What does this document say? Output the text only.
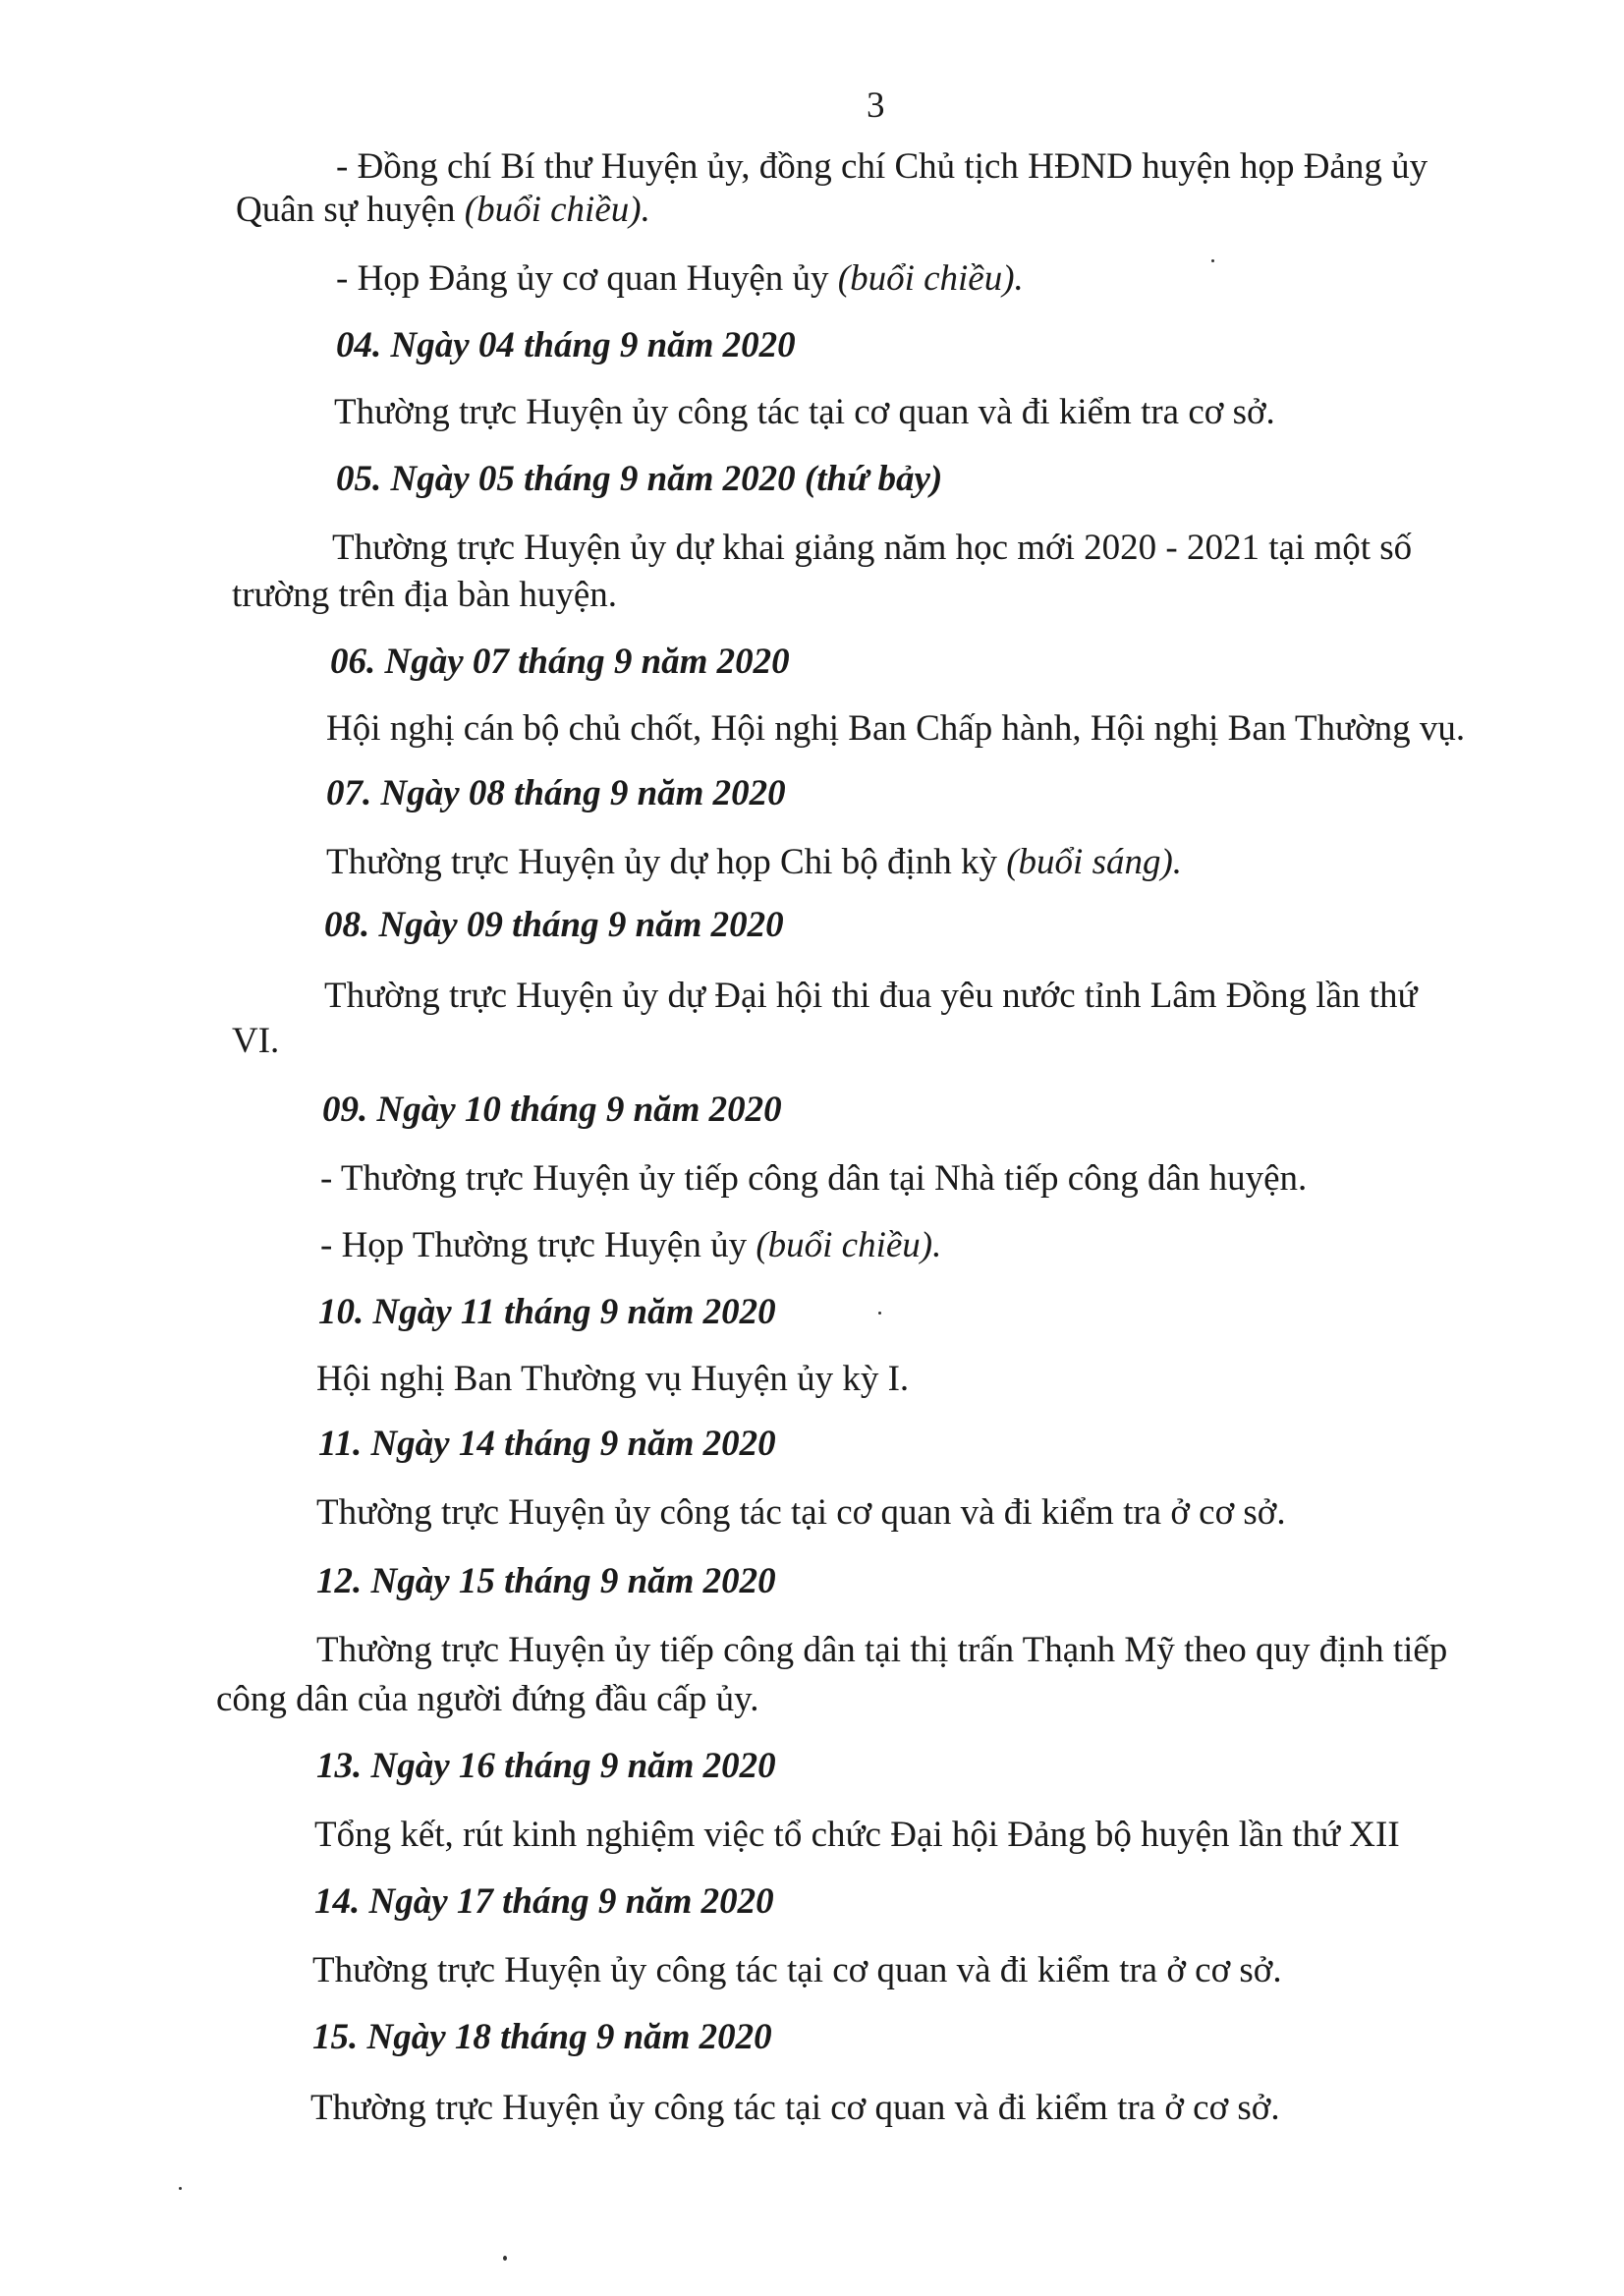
3
- Đồng chí Bí thư Huyện ủy, đồng chí Chủ tịch HĐND huyện họp Đảng ủy
Quân sự huyện (buổi chiều).
- Họp Đảng ủy cơ quan Huyện ủy (buổi chiều).
04. Ngày 04 tháng 9 năm 2020
Thường trực Huyện ủy công tác tại cơ quan và đi kiểm tra cơ sở.
05. Ngày 05 tháng 9 năm 2020 (thứ bảy)
Thường trực Huyện ủy dự khai giảng năm học mới 2020 - 2021 tại một số
trường trên địa bàn huyện.
06. Ngày 07 tháng 9 năm 2020
Hội nghị cán bộ chủ chốt, Hội nghị Ban Chấp hành, Hội nghị Ban Thường vụ.
07. Ngày 08 tháng 9 năm 2020
Thường trực Huyện ủy dự họp Chi bộ định kỳ (buổi sáng).
08. Ngày 09 tháng 9 năm 2020
Thường trực Huyện ủy dự Đại hội thi đua yêu nước tỉnh Lâm Đồng lần thứ
VI.
09. Ngày 10 tháng 9 năm 2020
- Thường trực Huyện ủy tiếp công dân tại Nhà tiếp công dân huyện.
- Họp Thường trực Huyện ủy (buổi chiều).
10. Ngày 11 tháng 9 năm 2020
Hội nghị Ban Thường vụ Huyện ủy kỳ I.
11. Ngày 14 tháng 9 năm 2020
Thường trực Huyện ủy công tác tại cơ quan và đi kiểm tra ở cơ sở.
12. Ngày 15 tháng 9 năm 2020
Thường trực Huyện ủy tiếp công dân tại thị trấn Thạnh Mỹ theo quy định tiếp
công dân của người đứng đầu cấp ủy.
13. Ngày 16 tháng 9 năm 2020
Tổng kết, rút kinh nghiệm việc tổ chức Đại hội Đảng bộ huyện lần thứ XII
14. Ngày 17 tháng 9 năm 2020
Thường trực Huyện ủy công tác tại cơ quan và đi kiểm tra ở cơ sở.
15. Ngày 18 tháng 9 năm 2020
Thường trực Huyện ủy công tác tại cơ quan và đi kiểm tra ở cơ sở.
